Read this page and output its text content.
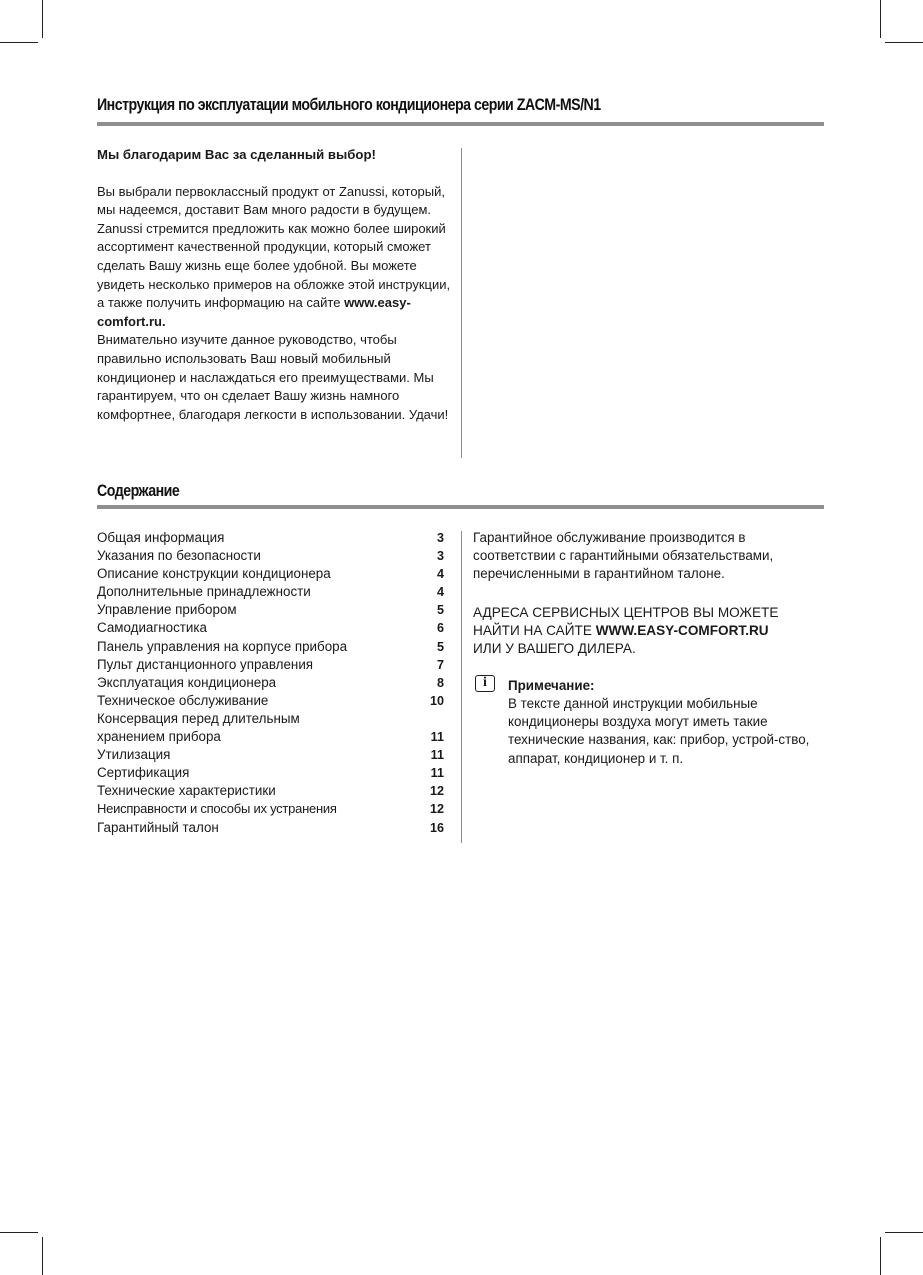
Инструкция по эксплуатации мобильного кондиционера серии ZACM-MS/N1
Мы благодарим Вас за сделанный выбор!

Вы выбрали первоклассный продукт от Zanussi, который, мы надеемся, доставит Вам много радости в будущем. Zanussi стремится предложить как можно более широкий ассортимент качественной продукции, который сможет сделать Вашу жизнь еще более удобной. Вы можете увидеть несколько примеров на обложке этой инструкции, а также получить информацию на сайте www.easy-comfort.ru.

Внимательно изучите данное руководство, чтобы правильно использовать Ваш новый мобильный кондиционер и наслаждаться его преимуществами. Мы гарантируем, что он сделает Вашу жизнь намного комфортнее, благодаря легкости в использовании. Удачи!

Содержание
Общая информация	3
Указания по безопасности	3
Описание конструкции кондиционера	4
Дополнительные принадлежности	4
Управление прибором	5
Самодиагностика	6
Панель управления на корпусе прибора	5
Пульт дистанционного управления	7
Эксплуатация кондиционера	8
Техническое обслуживание	10
Консервация перед длительным
хранением прибора	11
Утилизация	11
Сертификация	11
Технические характеристики	12
Неисправности и способы их устранения	12
Гарантийный талон	16

Гарантийное обслуживание производится в соответствии с гарантийными обязательствами, перечисленными в гарантийном талоне.

АДРЕСА СЕРВИСНЫХ ЦЕНТРОВ ВЫ МОЖЕТЕ НАЙТИ НА САЙТЕ WWW.EASY-COMFORT.RU
ИЛИ У ВАШЕГО ДИЛЕРА.

i	Примечание:

В тексте данной инструкции мобильные кондиционеры воздуха могут иметь такие технические названия, как: прибор, устрой-ство, аппарат, кондиционер и т. п.
